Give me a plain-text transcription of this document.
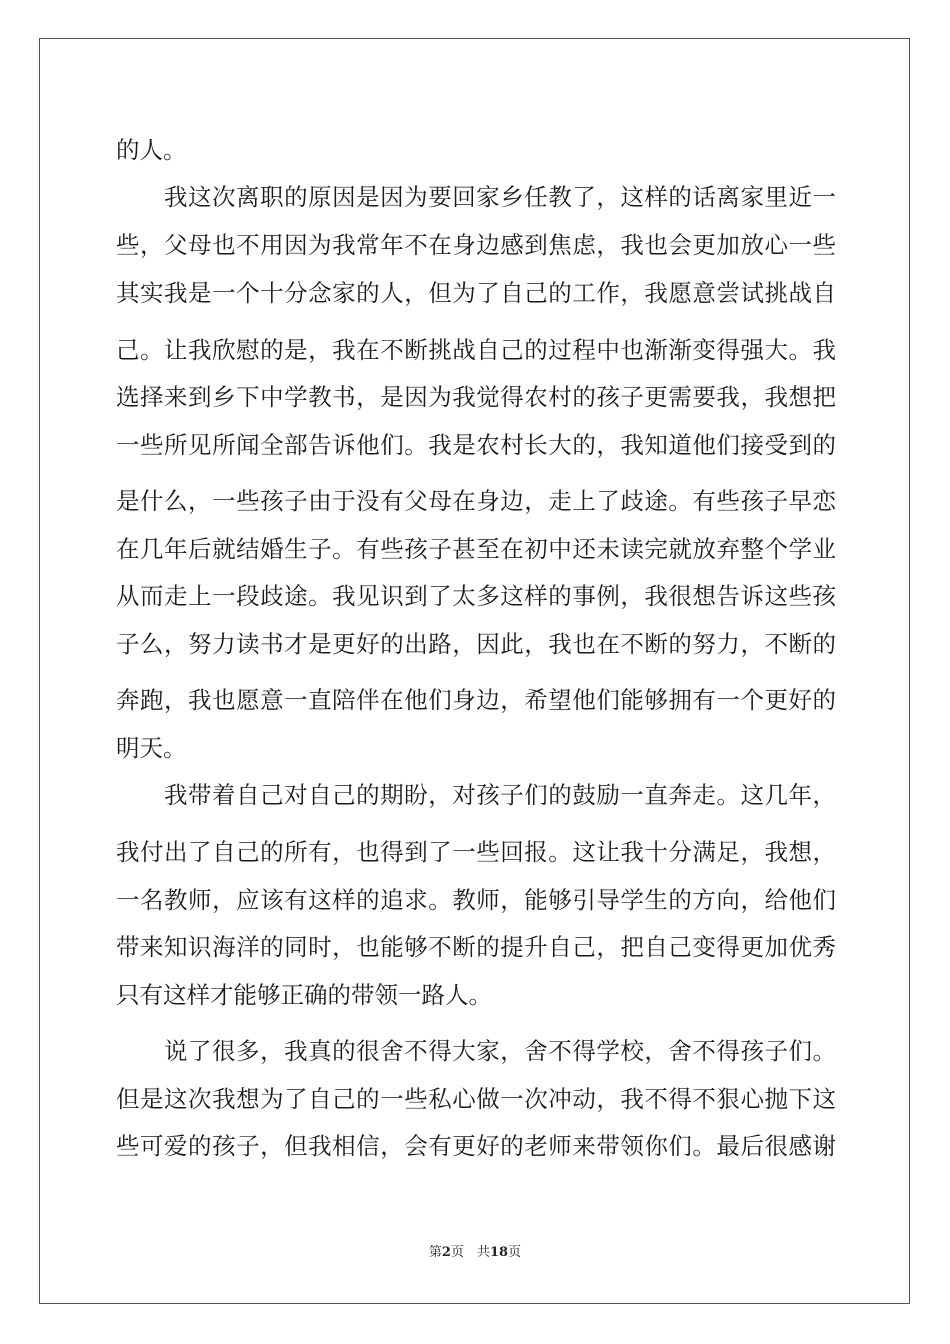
的人。
我这次离职的原因是因为要回家乡任教了，这样的话离家里近一
些，父母也不用因为我常年不在身边感到焦虑，我也会更加放心一些
其实我是一个十分念家的人，但为了自己的工作，我愿意尝试挑战自
己。让我欣慰的是，我在不断挑战自己的过程中也渐渐变得强大。我
选择来到乡下中学教书，是因为我觉得农村的孩子更需要我，我想把
一些所见所闻全部告诉他们。我是农村长大的，我知道他们接受到的
是什么，一些孩子由于没有父母在身边，走上了歧途。有些孩子早恋
在几年后就结婚生子。有些孩子甚至在初中还未读完就放弃整个学业
从而走上一段歧途。我见识到了太多这样的事例，我很想告诉这些孩
子么，努力读书才是更好的出路，因此，我也在不断的努力，不断的
奔跑，我也愿意一直陪伴在他们身边，希望他们能够拥有一个更好的
明天。
我带着自己对自己的期盼，对孩子们的鼓励一直奔走。这几年，
我付出了自己的所有，也得到了一些回报。这让我十分满足，我想，
一名教师，应该有这样的追求。教师，能够引导学生的方向，给他们
带来知识海洋的同时，也能够不断的提升自己，把自己变得更加优秀
只有这样才能够正确的带领一路人。
说了很多，我真的很舍不得大家，舍不得学校，舍不得孩子们。
但是这次我想为了自己的一些私心做一次冲动，我不得不狠心抛下这
些可爱的孩子，但我相信，会有更好的老师来带领你们。最后很感谢
第2页　 共18页
